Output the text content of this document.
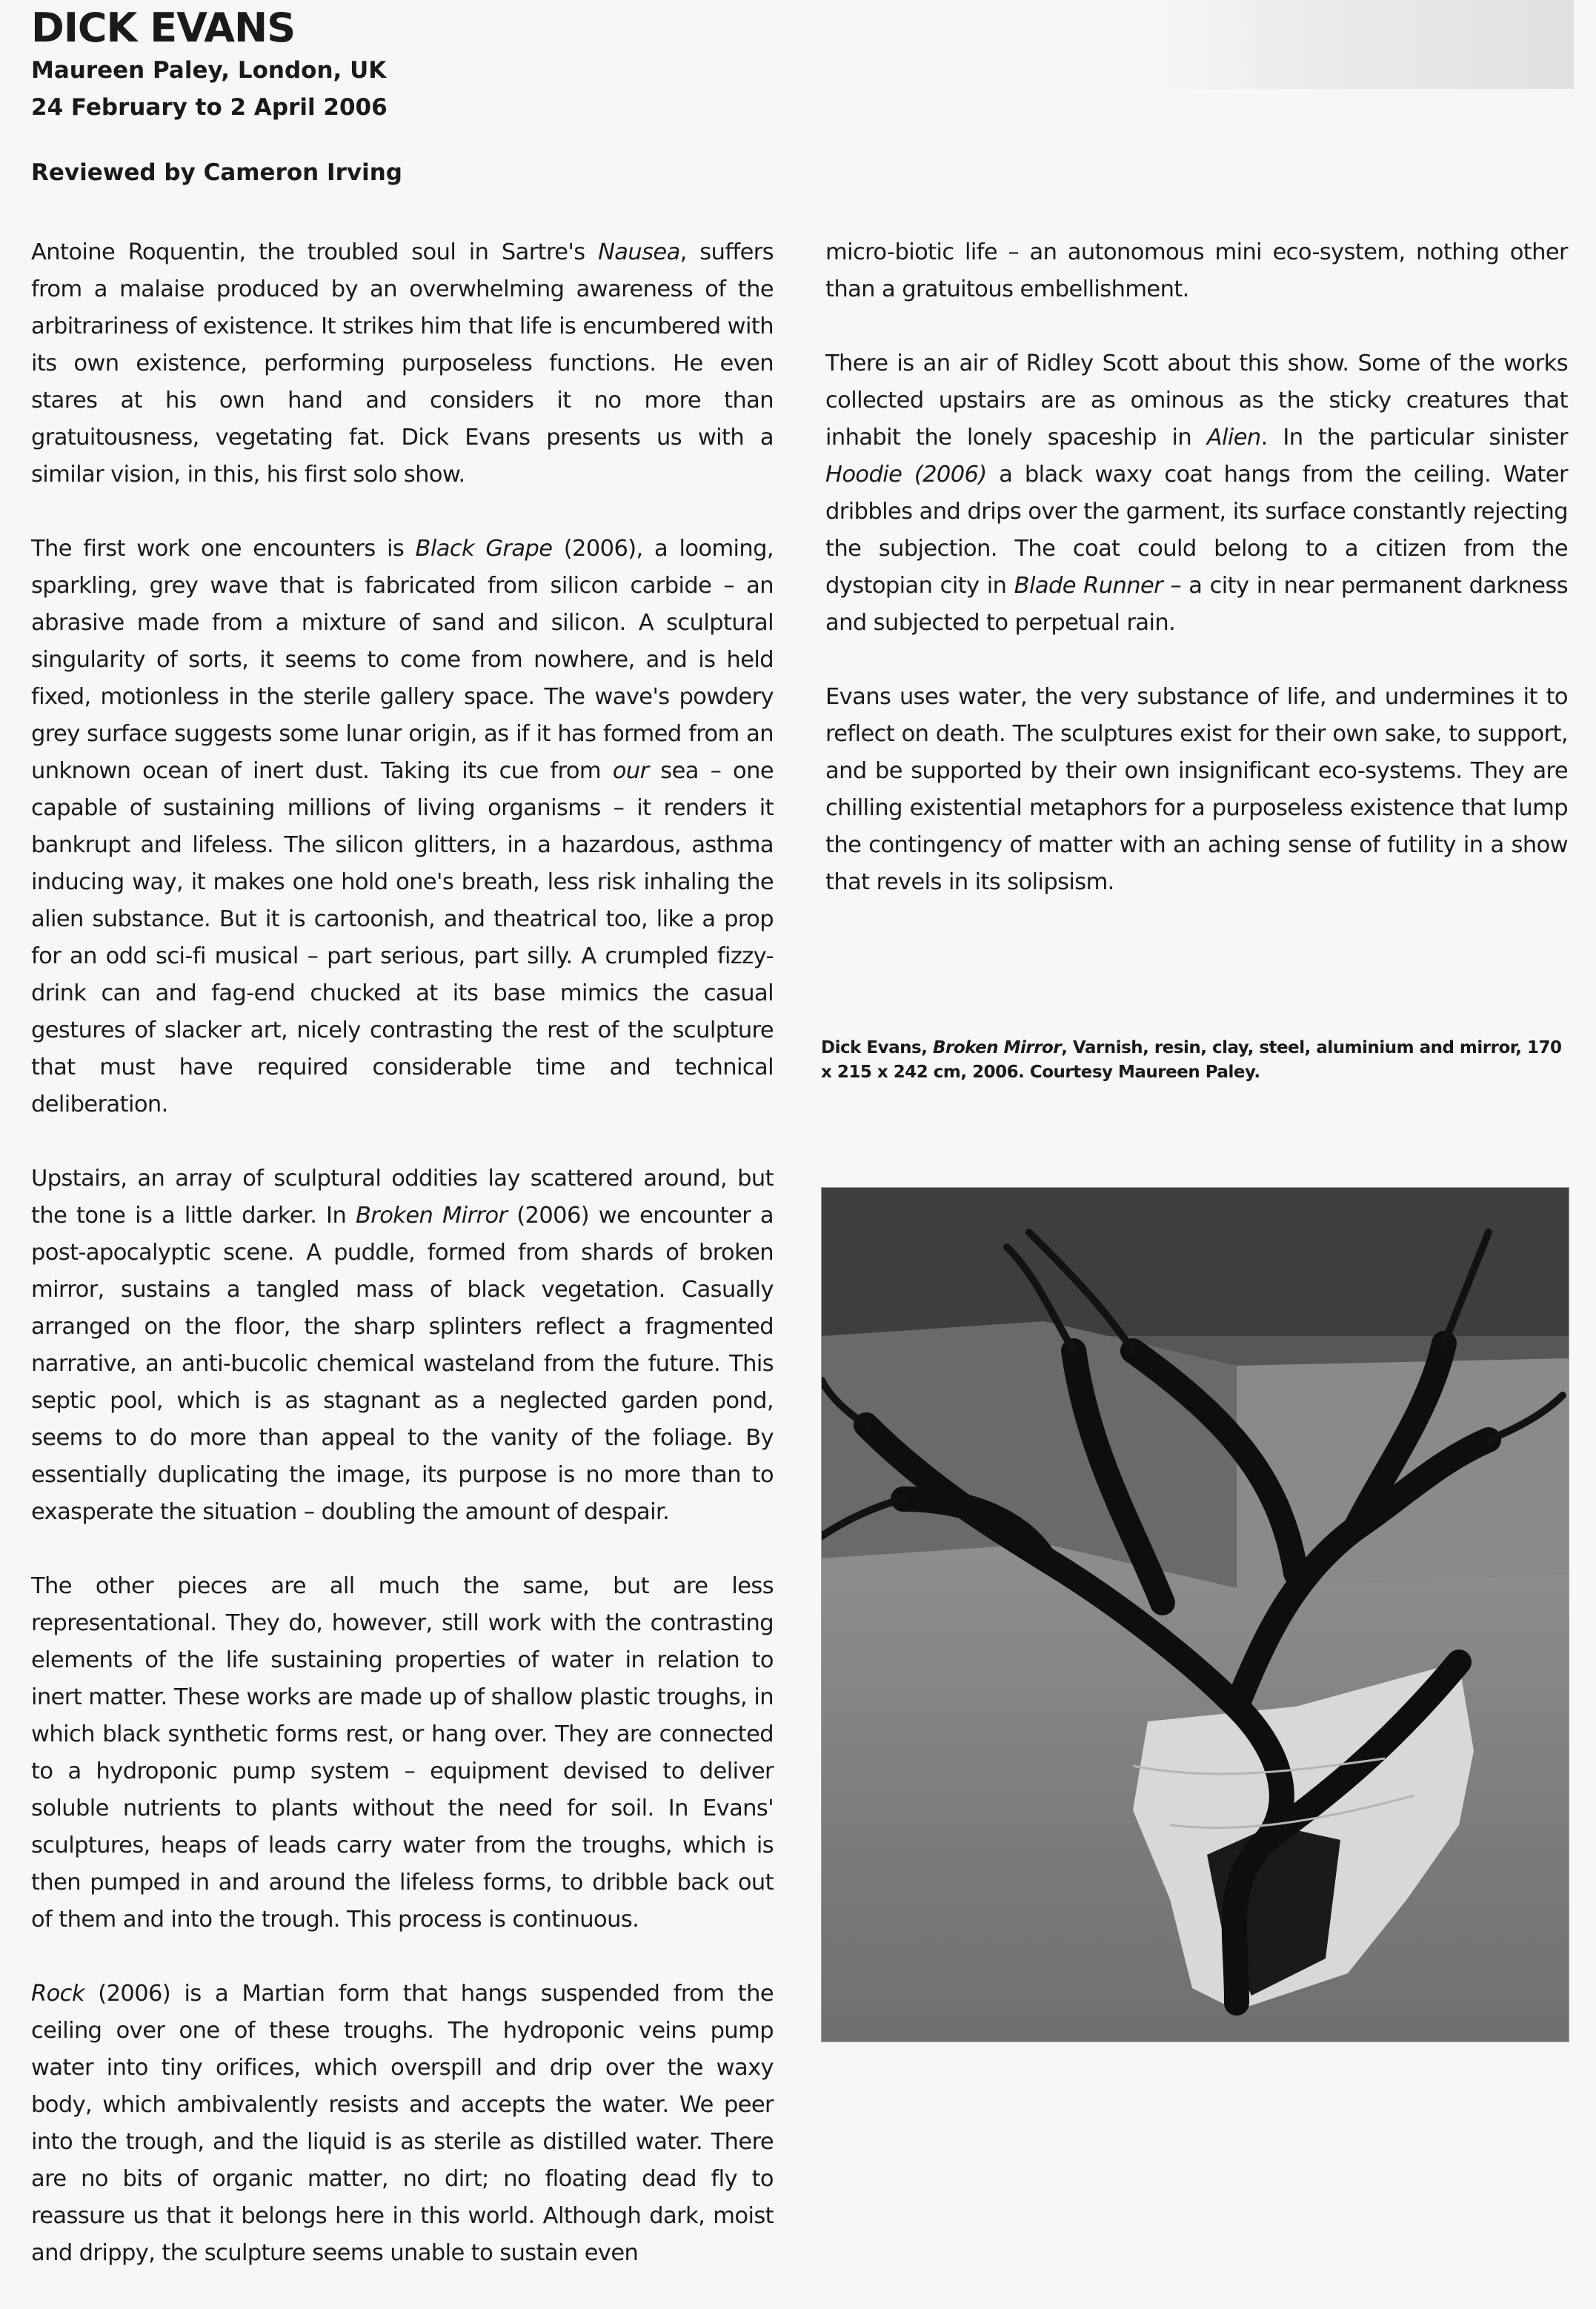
DICK EVANS
Maureen Paley, London, UK
24 February to 2 April 2006
Reviewed by Cameron Irving

Antoine Roquentin, the troubled soul in Sartre's Nausea, suffers from a malaise produced by an overwhelming awareness of the arbitrariness of existence. It strikes him that life is encumbered with its own existence, performing purposeless functions. He even stares at his own hand and considers it no more than gratuitousness, vegetating fat. Dick Evans presents us with a similar vision, in this, his first solo show.

The first work one encounters is Black Grape (2006), a looming, sparkling, grey wave that is fabricated from silicon carbide – an abrasive made from a mixture of sand and silicon. A sculptural singularity of sorts, it seems to come from nowhere, and is held fixed, motionless in the sterile gallery space. The wave's powdery grey surface suggests some lunar origin, as if it has formed from an unknown ocean of inert dust. Taking its cue from our sea – one capable of sustaining millions of living organisms – it renders it bankrupt and lifeless. The silicon glitters, in a hazardous, asthma inducing way, it makes one hold one's breath, less risk inhaling the alien substance. But it is cartoonish, and theatrical too, like a prop for an odd sci-fi musical – part serious, part silly. A crumpled fizzy-drink can and fag-end chucked at its base mimics the casual gestures of slacker art, nicely contrasting the rest of the sculpture that must have required considerable time and technical deliberation.

Upstairs, an array of sculptural oddities lay scattered around, but the tone is a little darker. In Broken Mirror (2006) we encounter a post-apocalyptic scene. A puddle, formed from shards of broken mirror, sustains a tangled mass of black vegetation. Casually arranged on the floor, the sharp splinters reflect a fragmented narrative, an anti-bucolic chemical wasteland from the future. This septic pool, which is as stagnant as a neglected garden pond, seems to do more than appeal to the vanity of the foliage. By essentially duplicating the image, its purpose is no more than to exasperate the situation – doubling the amount of despair.

The other pieces are all much the same, but are less representational. They do, however, still work with the contrasting elements of the life sustaining properties of water in relation to inert matter. These works are made up of shallow plastic troughs, in which black synthetic forms rest, or hang over. They are connected to a hydroponic pump system – equipment devised to deliver soluble nutrients to plants without the need for soil. In Evans' sculptures, heaps of leads carry water from the troughs, which is then pumped in and around the lifeless forms, to dribble back out of them and into the trough. This process is continuous.

Rock (2006) is a Martian form that hangs suspended from the ceiling over one of these troughs. The hydroponic veins pump water into tiny orifices, which overspill and drip over the waxy body, which ambivalently resists and accepts the water. We peer into the trough, and the liquid is as sterile as distilled water. There are no bits of organic matter, no dirt; no floating dead fly to reassure us that it belongs here in this world. Although dark, moist and drippy, the sculpture seems unable to sustain even

micro-biotic life – an autonomous mini eco-system, nothing other than a gratuitous embellishment.

There is an air of Ridley Scott about this show. Some of the works collected upstairs are as ominous as the sticky creatures that inhabit the lonely spaceship in Alien. In the particular sinister Hoodie (2006) a black waxy coat hangs from the ceiling. Water dribbles and drips over the garment, its surface constantly rejecting the subjection. The coat could belong to a citizen from the dystopian city in Blade Runner – a city in near permanent darkness and subjected to perpetual rain.

Evans uses water, the very substance of life, and undermines it to reflect on death. The sculptures exist for their own sake, to support, and be supported by their own insignificant eco-systems. They are chilling existential metaphors for a purposeless existence that lump the contingency of matter with an aching sense of futility in a show that revels in its solipsism.

Dick Evans, Broken Mirror, Varnish, resin, clay, steel, aluminium and mirror, 170 x 215 x 242 cm, 2006. Courtesy Maureen Paley.
